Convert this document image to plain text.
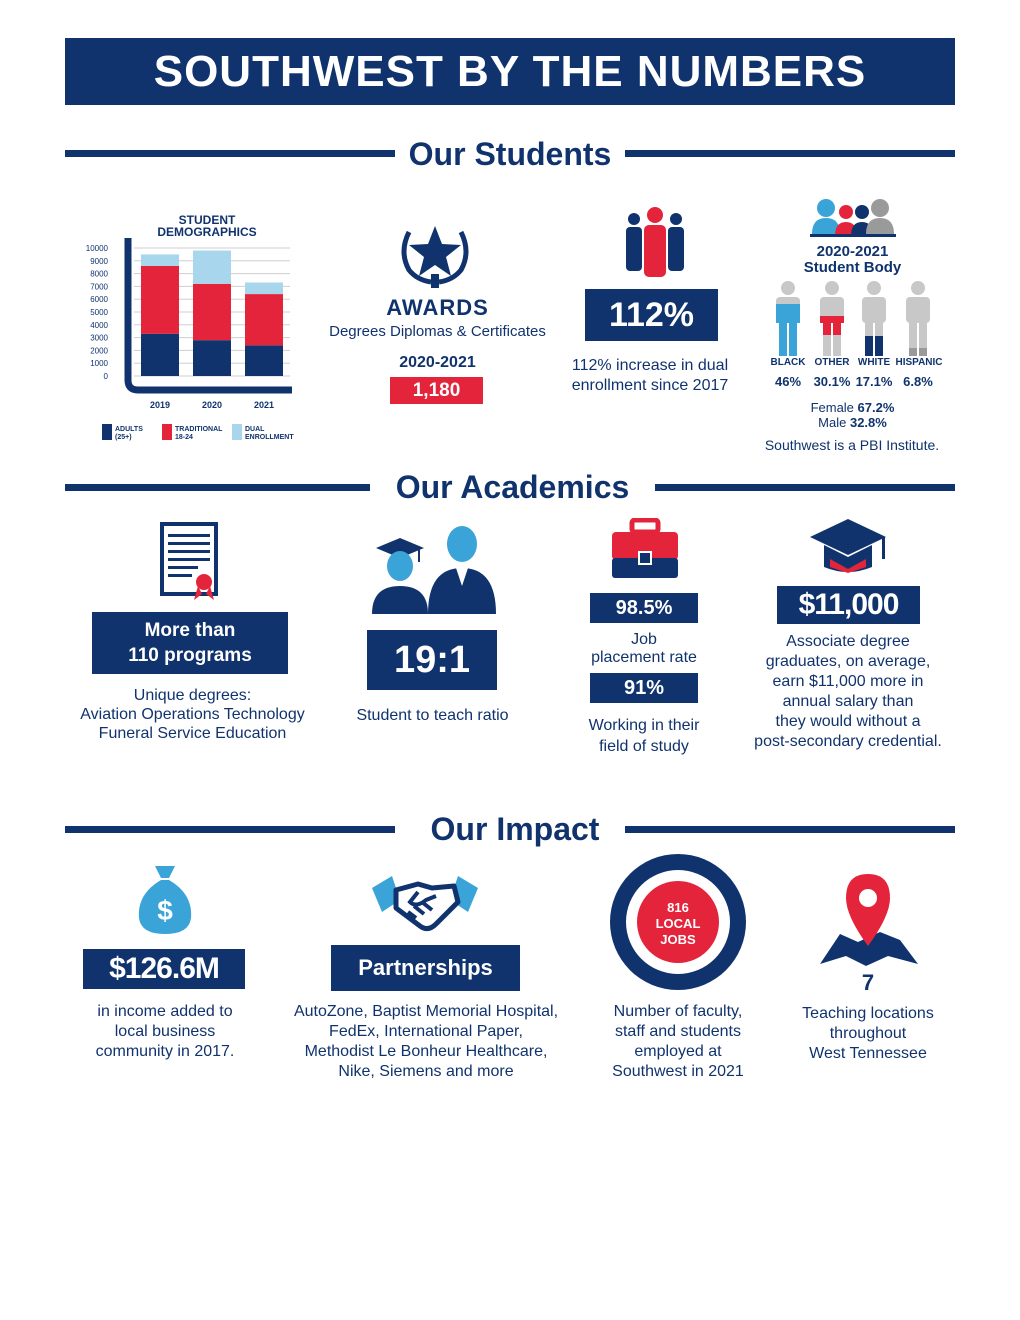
SOUTHWEST BY THE NUMBERS
Our Students
STUDENT
DEMOGRAPHICS
10000
9000
8000
7000
6000
5000
4000
3000
2000
1000
0
2019	2020	2021
ADULTS
(25+)
TRADITIONAL
18-24
DUAL
ENROLLMENT
AWARDS
Degrees Diplomas & Certificates
2020-2021
1,180
112%
112% increase in dual
enrollment since 2017
2020-2021
Student Body
BLACK OTHER WHITE HISPANIC
46% 30.1% 17.1% 6.8%
Female 67.2%
Male 32.8%
Southwest is a PBI Institute.
Our Academics
More than
110 programs
Unique degrees:
Aviation Operations Technology
Funeral Service Education
19:1
Student to teach ratio
98.5%
Job
placement rate
91%
Working in their
field of study
$11,000
Associate degree
graduates, on average,
earn $11,000 more in
annual salary than
they would without a
post-secondary credential.
Our Impact
$
$126.6M
in income added to
local business
community in 2017.
Partnerships
AutoZone, Baptist Memorial Hospital,
FedEx, International Paper,
Methodist Le Bonheur Healthcare,
Nike, Siemens and more
816
LOCAL
JOBS
Number of faculty,
staff and students
employed at
Southwest in 2021
7
Teaching locations
throughout
West Tennessee
